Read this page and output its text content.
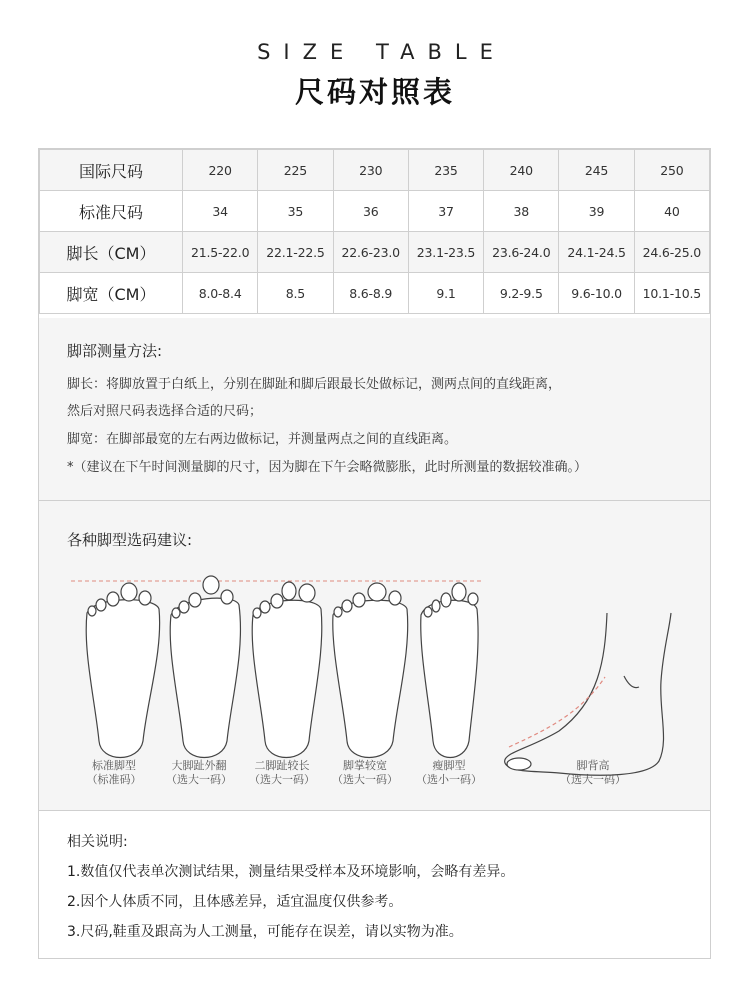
SIZE TABLE
尺码对照表
国际尺码	220	225	230	235	240	245	250
标准尺码	34	35	36	37	38	39	40
脚长（CM）	21.5-22.0	22.1-22.5	22.6-23.0	23.1-23.5	23.6-24.0	24.1-24.5	24.6-25.0
脚宽（CM）	8.0-8.4	8.5	8.6-8.9	9.1	9.2-9.5	9.6-10.0	10.1-10.5
脚部测量方法:
脚长：将脚放置于白纸上，分别在脚趾和脚后跟最长处做标记，测两点间的直线距离，
然后对照尺码表选择合适的尺码；
脚宽：在脚部最宽的左右两边做标记，并测量两点之间的直线距离。
*（建议在下午时间测量脚的尺寸，因为脚在下午会略微膨胀，此时所测量的数据较准确。）
各种脚型选码建议:
标准脚型
（标准码）
大脚趾外翻
（选大一码）
二脚趾较长
（选大一码）
脚掌较宽
（选大一码）
瘦脚型
（选小一码）
脚背高
（选大一码）
相关说明:
1.数值仅代表单次测试结果，测量结果受样本及环境影响，会略有差异。
2.因个人体质不同，且体感差异，适宜温度仅供参考。
3.尺码,鞋重及跟高为人工测量，可能存在误差，请以实物为准。
